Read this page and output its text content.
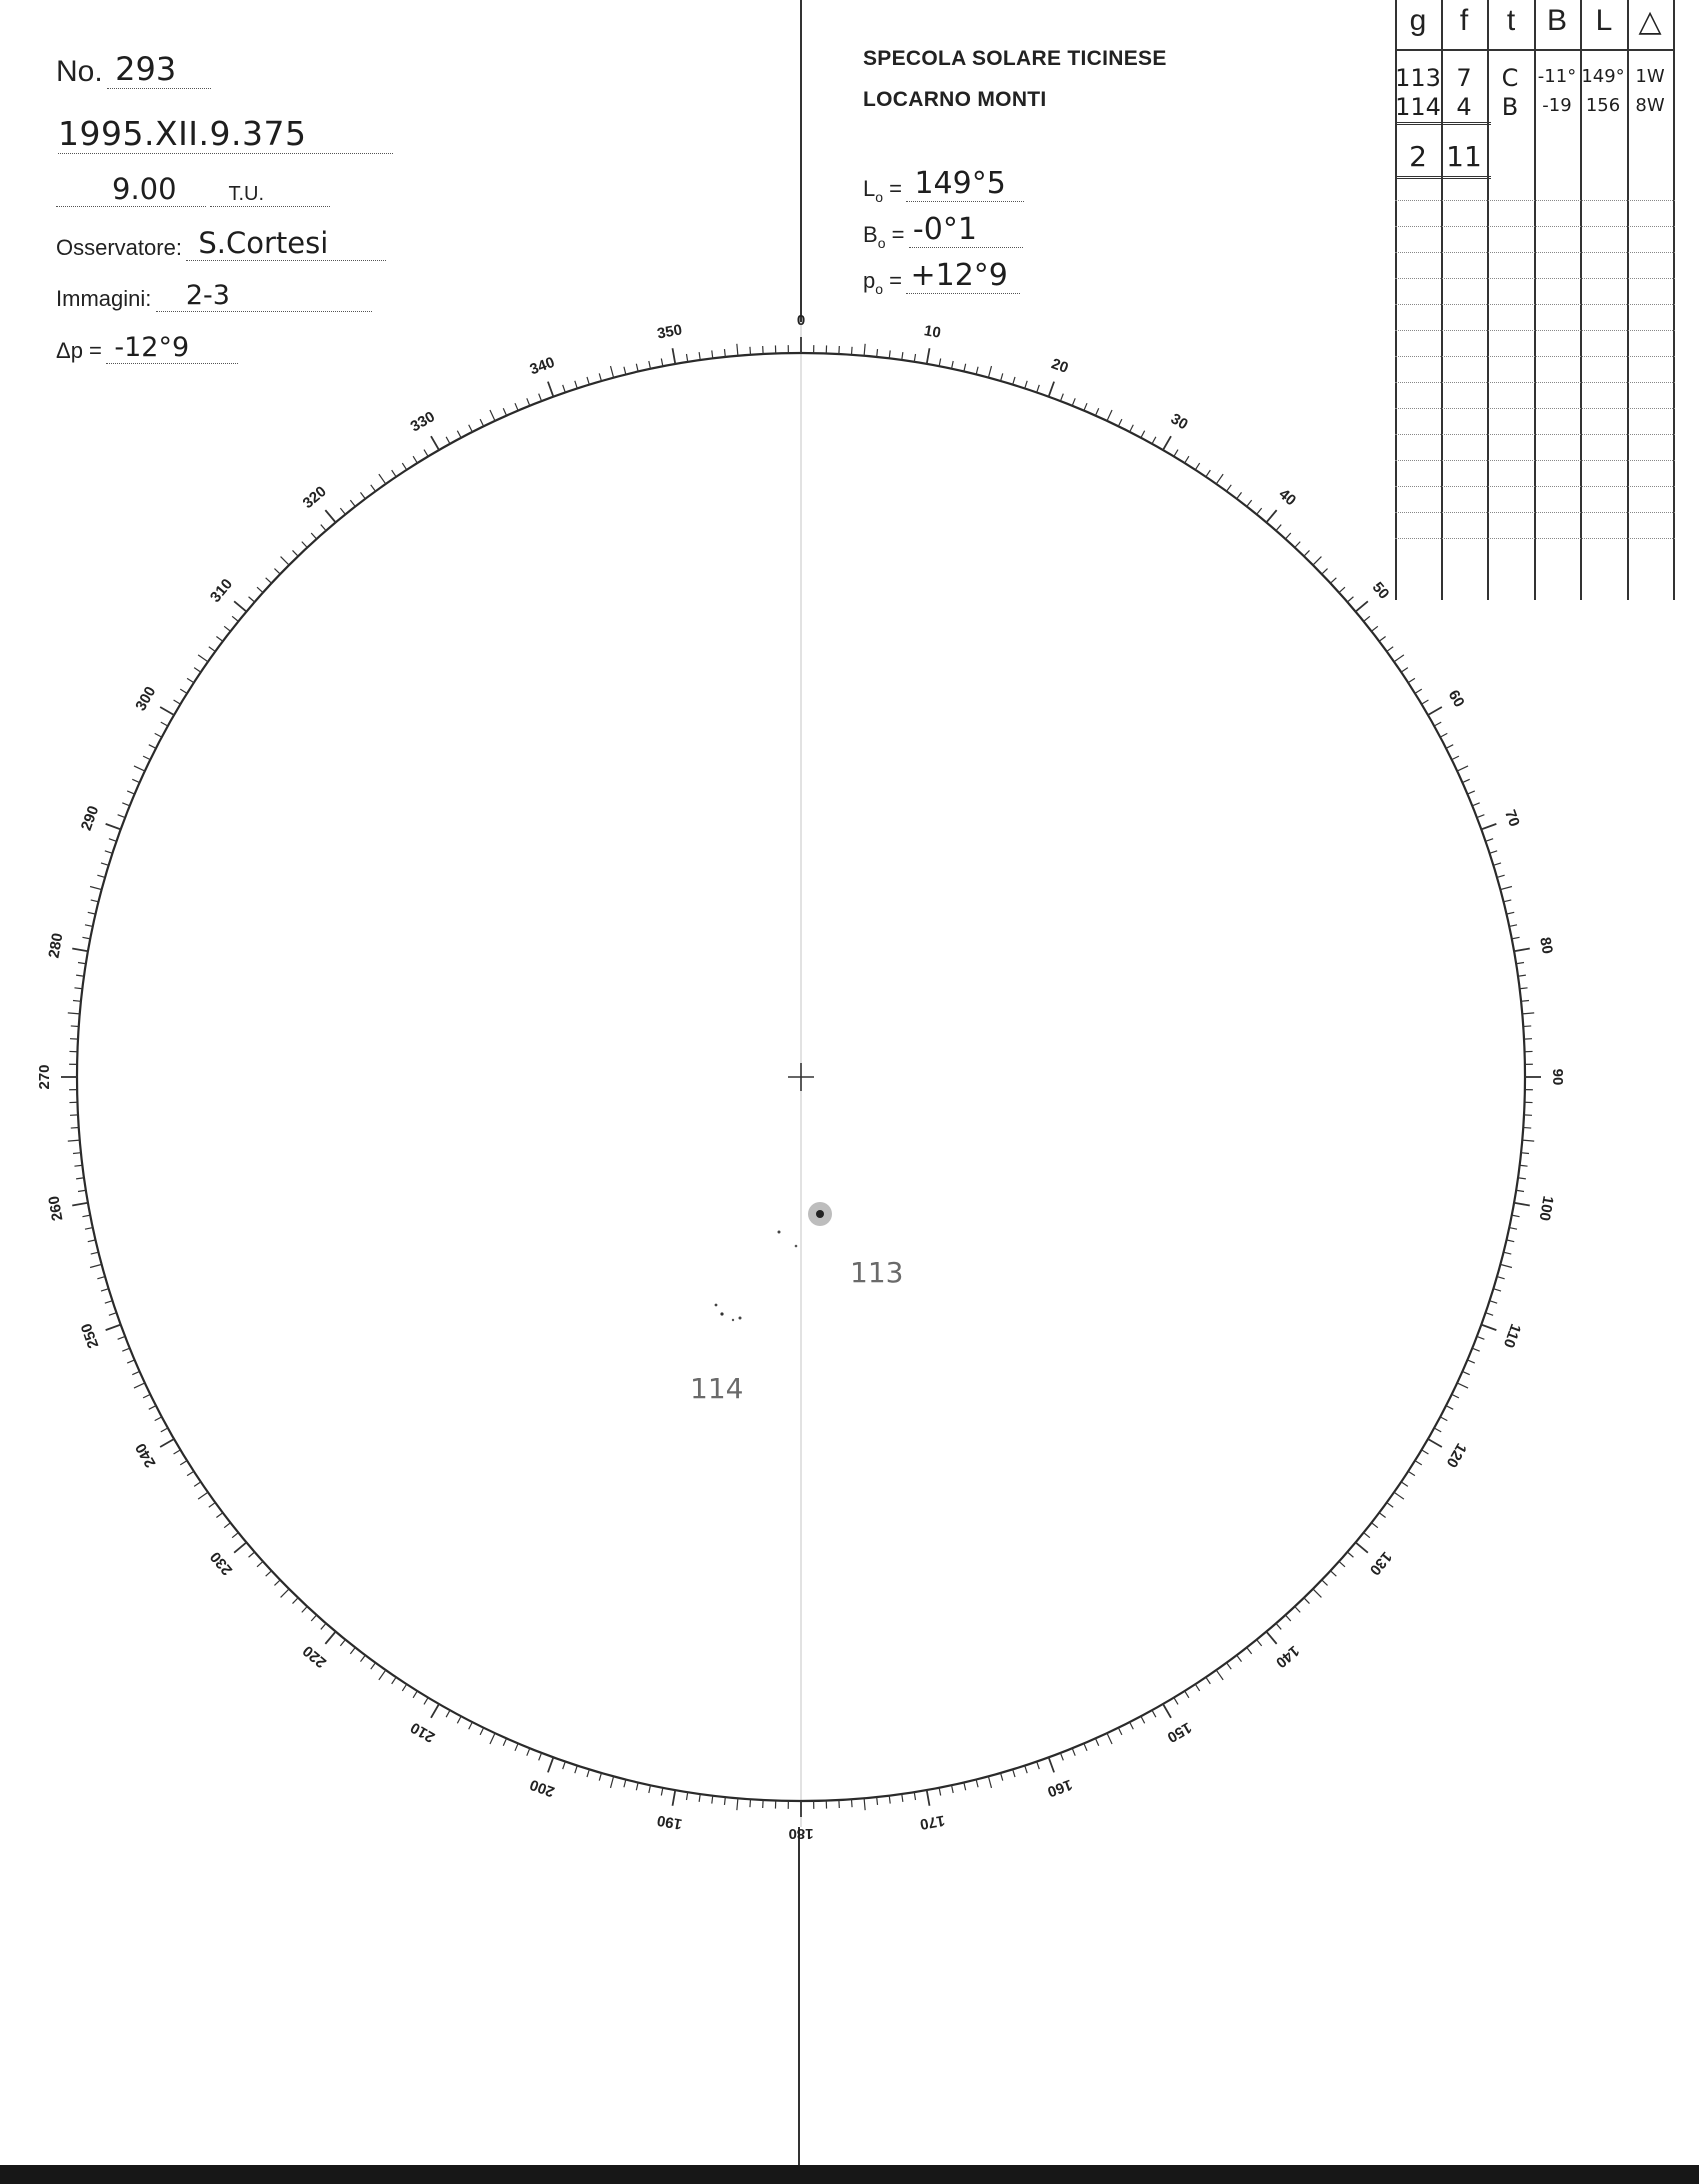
No. 293
1995.XII.9.375
9.00	T.U.
Osservatore: S.Cortesi
Immagini: 2-3
Δp = -12°9
SPECOLA SOLARE TICINESE
LOCARNO MONTI
Lo = 149°5
Bo = -0°1
po = +12°9
g	f	t	B L △
113 7	C	-11° 149° 1W
114 4	B	-19 156 8W
2 11
0
10
20
30
40
50
60
70
80
90
100
110
120
130
140
150
160
170
180
190
200
210
220
230
240
250
260
270
280
290
300
310
320
330
340
350
113
114
